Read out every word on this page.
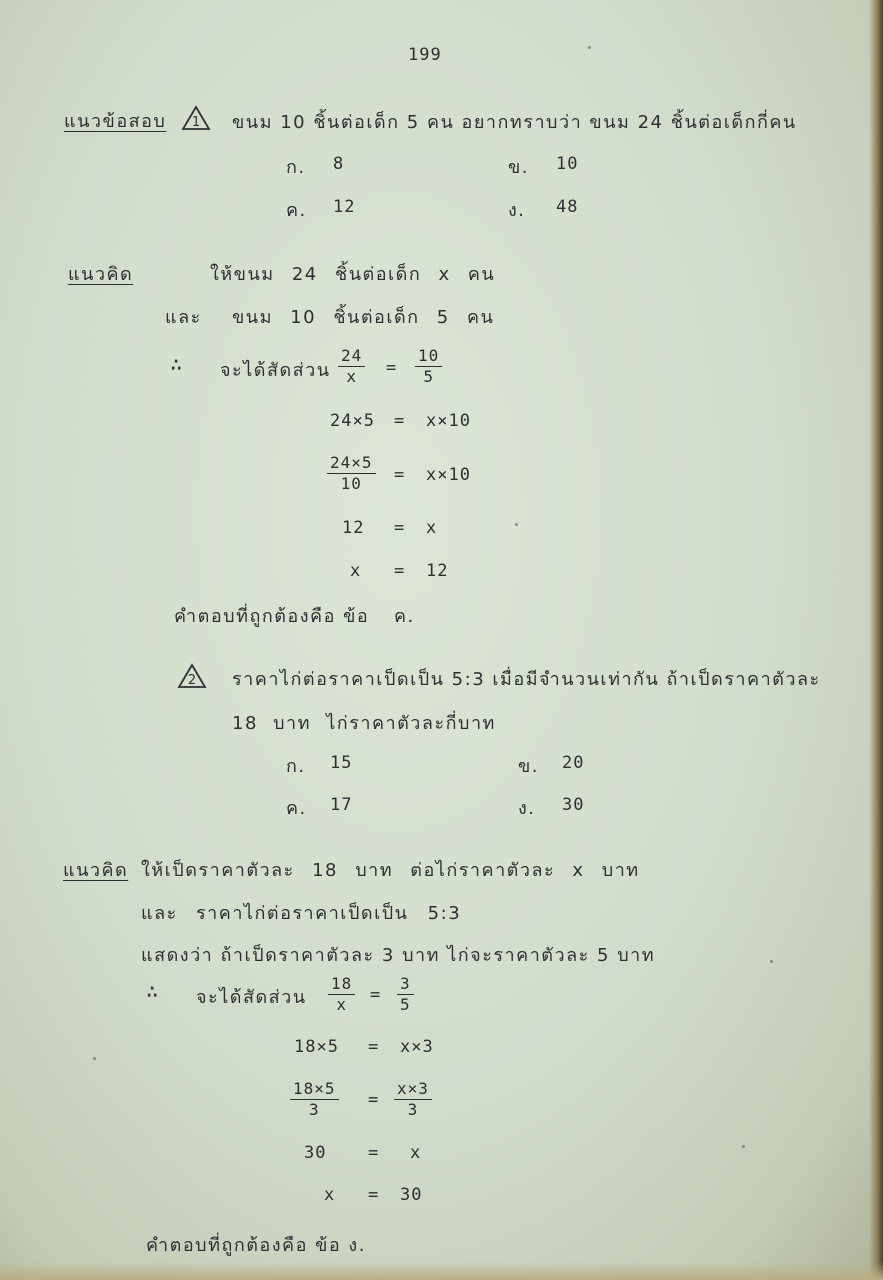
199
แนวข้อสอบ 1 ขนม 10 ชิ้นต่อเด็ก 5 คน อยากทราบว่า ขนม 24 ชิ้นต่อเด็กกี่คน
ก. 8	ข. 10
ค. 12	ง. 48
แนวคิด	ให้ขนม 24 ชิ้นต่อเด็ก x คน
และ ขนม 10 ชิ้นต่อเด็ก 5 คน
∴ จะได้สัดส่วน $\frac{24}{x} = \frac{10}{5}$
24×5 = x×10
$\frac{24\times 5}{10} = x\times 10$
12 = x
x = 12
คำตอบที่ถูกต้องคือ ข้อ ค.
2 ราคาไก่ต่อราคาเป็ดเป็น 5:3 เมื่อมีจำนวนเท่ากัน ถ้าเป็ดราคาตัวละ
18 บาท ไก่ราคาตัวละกี่บาท
ก. 15	ข. 20
ค. 17	ง. 30
แนวคิด ให้เป็ดราคาตัวละ 18 บาท ต่อไก่ราคาตัวละ x บาท
และ ราคาไก่ต่อราคาเป็ดเป็น 5:3
แสดงว่า ถ้าเป็ดราคาตัวละ 3 บาท ไก่จะราคาตัวละ 5 บาท
∴ จะได้สัดส่วน $\frac{18}{x} = \frac{3}{5}$
18×5 = x×3
$\frac{18\times 5}{3} = \frac{x\times 3}{3}$
30 = x
x = 30
คำตอบที่ถูกต้องคือ ข้อ ง.
